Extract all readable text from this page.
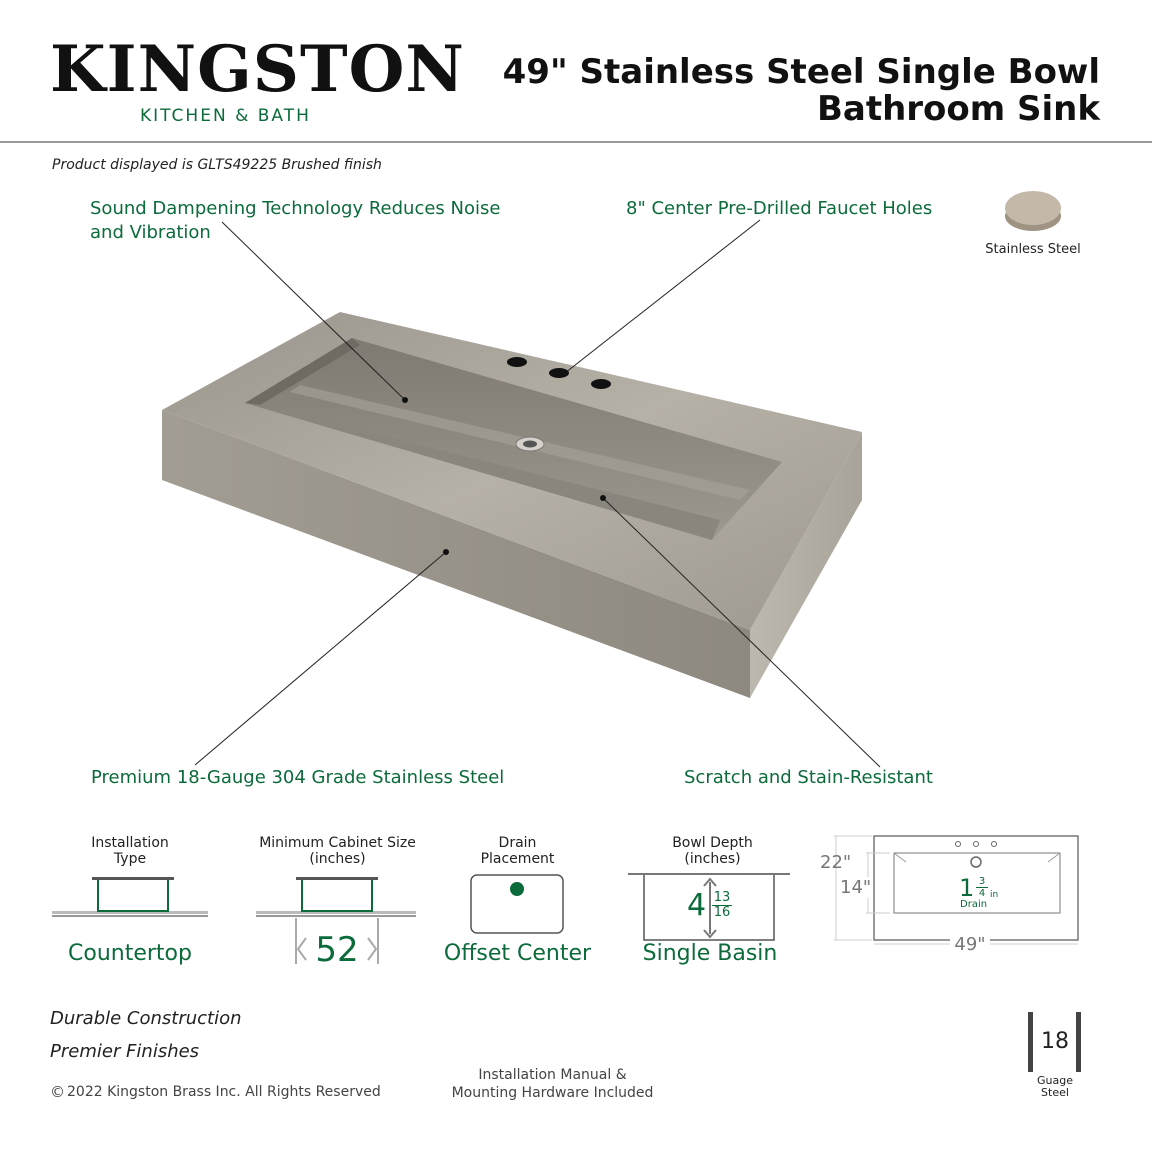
KINGSTON
KITCHEN & BATH
49" Stainless Steel Single Bowl
Bathroom Sink
Product displayed is GLTS49225 Brushed finish
Sound Dampening Technology Reduces Noise and Vibration
8" Center Pre-Drilled Faucet Holes
Premium 18-Gauge 304 Grade Stainless Steel	Scratch and Stain-Resistant
Stainless Steel
Installation
Type
Countertop
Minimum Cabinet Size
(inches)
52
Drain
Placement
Offset Center
Bowl Depth
(inches)
$4 \frac{13}{16}$
Single Basin
22"
14"
49"
$1 \frac{3}{4}$ in
Drain
Durable Construction
Premier Finishes
© 2022 Kingston Brass Inc. All Rights Reserved
Installation Manual &
Mounting Hardware Included
18
Guage
Steel
